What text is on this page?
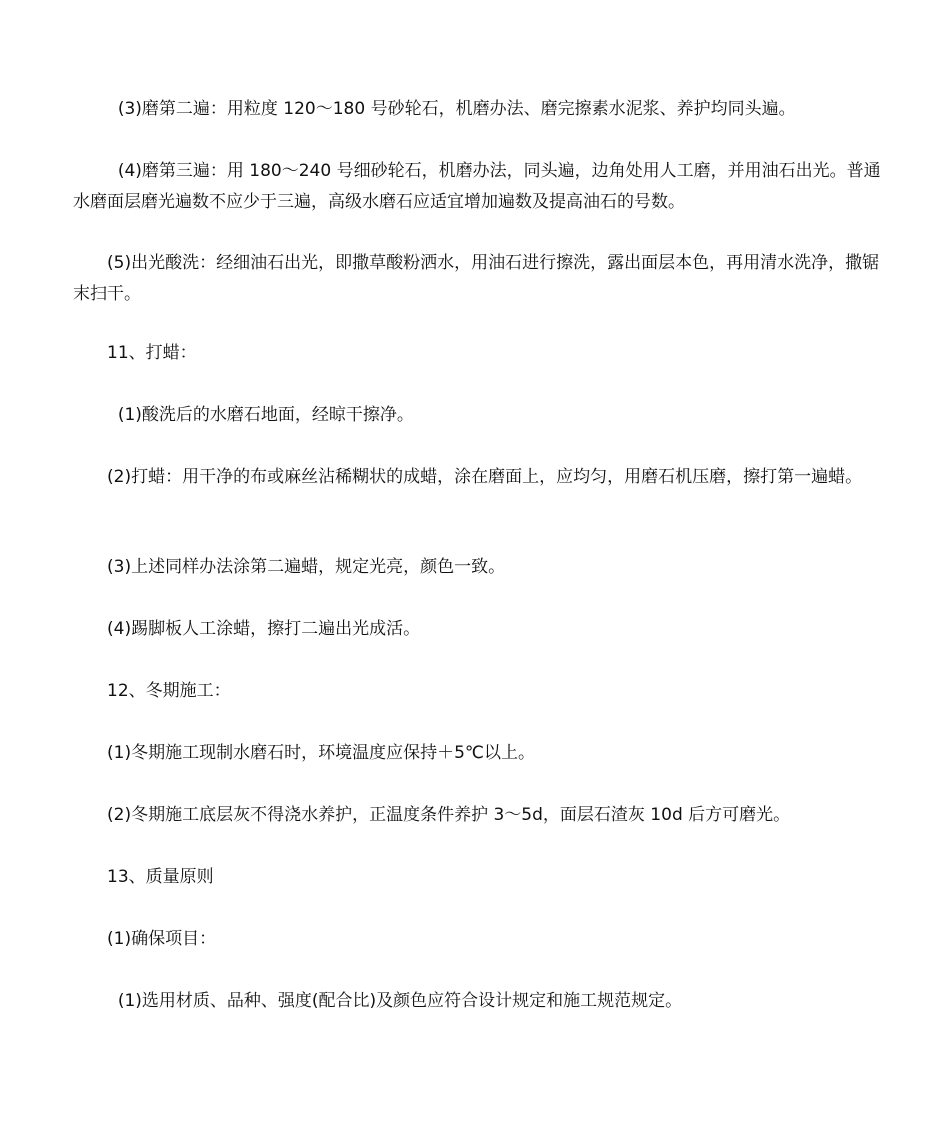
(3)磨第二遍：用粒度 120～180 号砂轮石，机磨办法、磨完擦素水泥浆、养护均同头遍。

(4)磨第三遍：用 180～240 号细砂轮石，机磨办法，同头遍，边角处用人工磨，并用油石出光。普通水磨面层磨光遍数不应少于三遍，高级水磨石应适宜增加遍数及提高油石的号数。

(5)出光酸洗：经细油石出光，即撒草酸粉洒水，用油石进行擦洗，露出面层本色，再用清水洗净，撒锯末扫干。

11、打蜡：

(1)酸洗后的水磨石地面，经晾干擦净。

(2)打蜡：用干净的布或麻丝沾稀糊状的成蜡，涂在磨面上，应均匀，用磨石机压磨，擦打第一遍蜡。

(3)上述同样办法涂第二遍蜡，规定光亮，颜色一致。

(4)踢脚板人工涂蜡，擦打二遍出光成活。

12、冬期施工：

(1)冬期施工现制水磨石时，环境温度应保持＋5℃以上。

(2)冬期施工底层灰不得浇水养护，正温度条件养护 3～5d，面层石渣灰 10d 后方可磨光。

13、质量原则

(1)确保项目：

(1)选用材质、品种、强度(配合比)及颜色应符合设计规定和施工规范规定。
